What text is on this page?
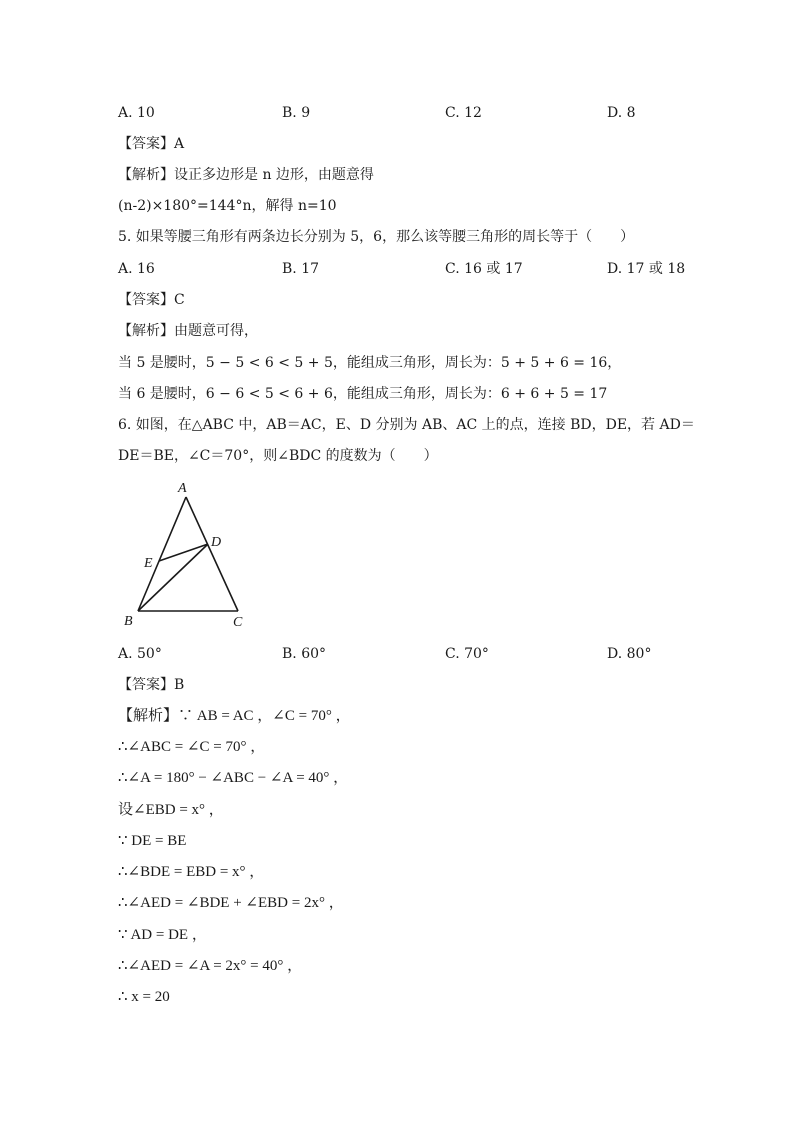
A. 10	B. 9	C. 12	D. 8
【答案】A
【解析】设正多边形是 n 边形，由题意得
(n-2)×180°=144°n，解得 n=10
5. 如果等腰三角形有两条边长分别为 5，6，那么该等腰三角形的周长等于（　　）
A. 16	B. 17	C. 16 或 17	D. 17 或 18
【答案】C
【解析】由题意可得，
当 5 是腰时，5 − 5 < 6 < 5 + 5，能组成三角形，周长为：5 + 5 + 6 = 16，
当 6 是腰时，6 − 6 < 5 < 6 + 6，能组成三角形，周长为：6 + 6 + 5 = 17
6. 如图，在△ABC 中，AB＝AC，E、D 分别为 AB、AC 上的点，连接 BD，DE，若 AD＝
DE＝BE，∠C＝70°，则∠BDC 的度数为（　　）
A
B	C
D
E
A. 50°	B. 60°	C. 70°	D. 80°
【答案】B
【解析】∵ AB = AC ，∠C = 70° ，
∴∠ABC = ∠C = 70° ，
∴∠A = 180° − ∠ABC − ∠A = 40° ，
设∠EBD = x° ，
∵ DE = BE
∴∠BDE = EBD = x° ，
∴∠AED = ∠BDE + ∠EBD = 2x° ，
∵ AD = DE ，
∴∠AED = ∠A = 2x° = 40° ，
∴ x = 20
